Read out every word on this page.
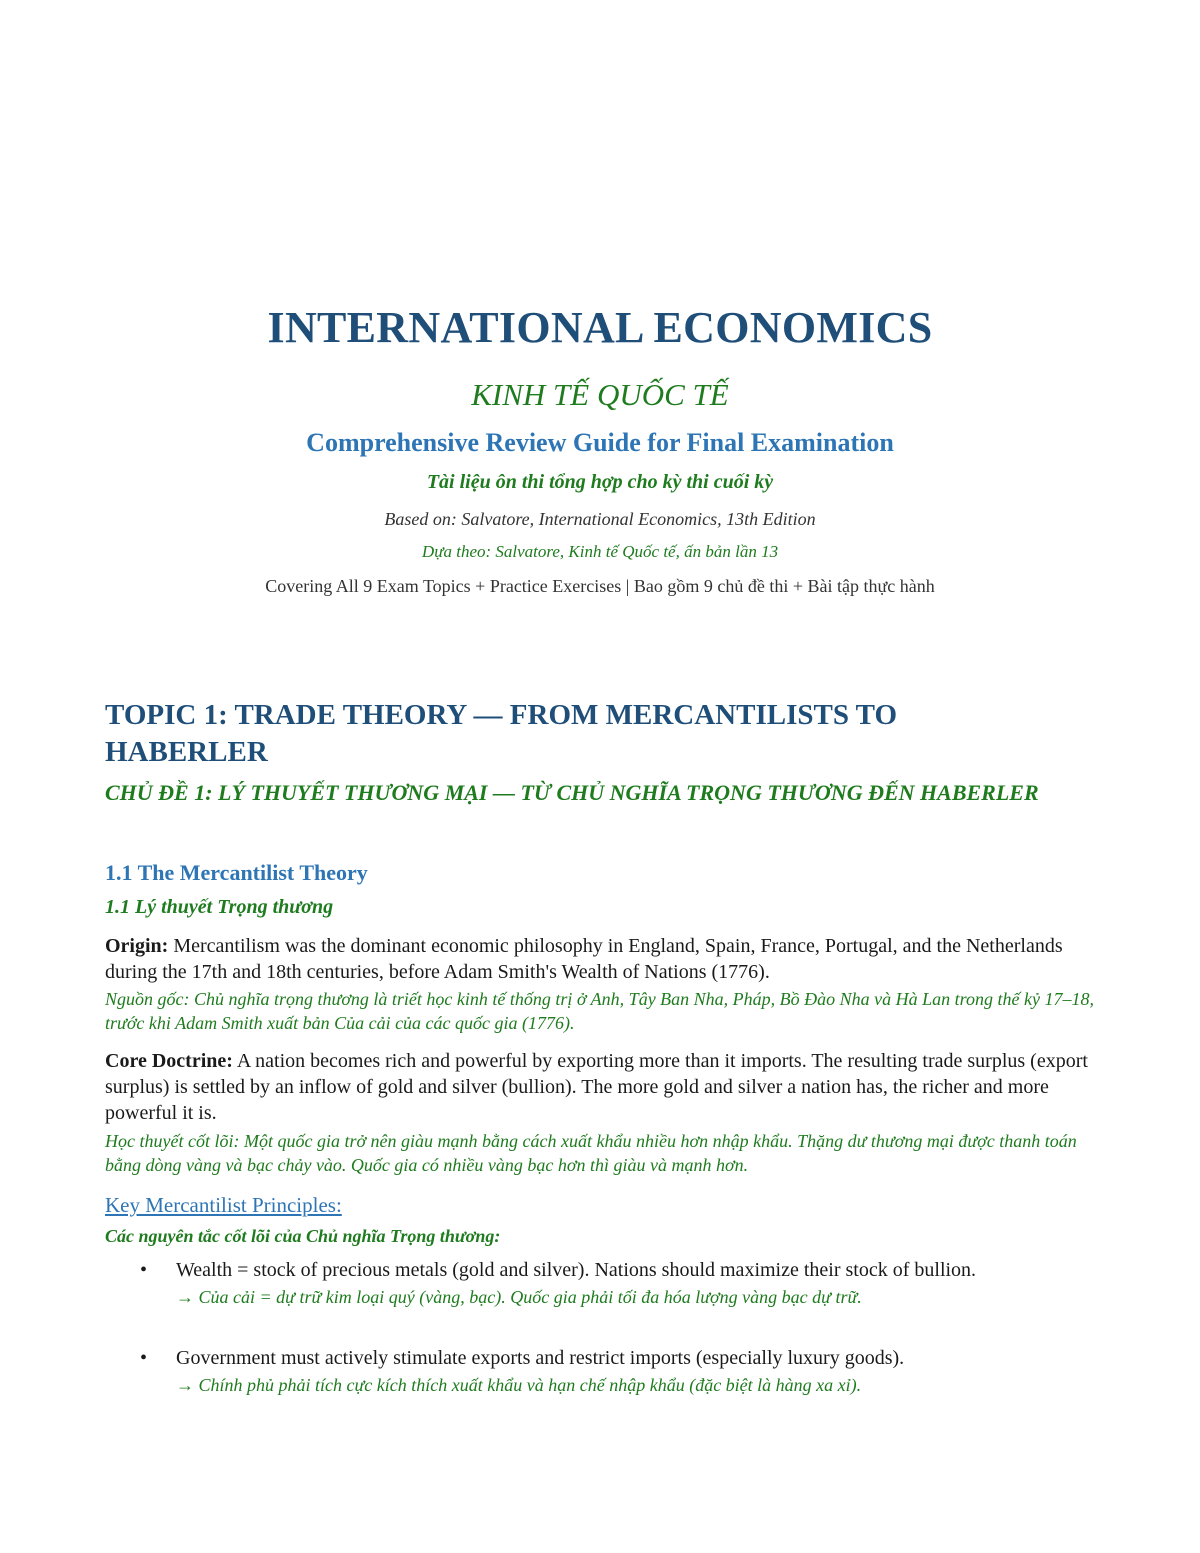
INTERNATIONAL ECONOMICS
KINH TẾ QUỐC TẾ
Comprehensive Review Guide for Final Examination
Tài liệu ôn thi tổng hợp cho kỳ thi cuối kỳ
Based on: Salvatore, International Economics, 13th Edition
Dựa theo: Salvatore, Kinh tế Quốc tế, ấn bản lần 13
Covering All 9 Exam Topics + Practice Exercises | Bao gồm 9 chủ đề thi + Bài tập thực hành
TOPIC 1: TRADE THEORY — FROM MERCANTILISTS TO HABERLER
CHỦ ĐỀ 1: LÝ THUYẾT THƯƠNG MẠI — TỪ CHỦ NGHĨA TRỌNG THƯƠNG ĐẾN HABERLER
1.1 The Mercantilist Theory
1.1 Lý thuyết Trọng thương
Origin: Mercantilism was the dominant economic philosophy in England, Spain, France, Portugal, and the Netherlands during the 17th and 18th centuries, before Adam Smith's Wealth of Nations (1776).
Nguồn gốc: Chủ nghĩa trọng thương là triết học kinh tế thống trị ở Anh, Tây Ban Nha, Pháp, Bồ Đào Nha và Hà Lan trong thế kỷ 17–18, trước khi Adam Smith xuất bản Của cải của các quốc gia (1776).
Core Doctrine: A nation becomes rich and powerful by exporting more than it imports. The resulting trade surplus (export surplus) is settled by an inflow of gold and silver (bullion). The more gold and silver a nation has, the richer and more powerful it is.
Học thuyết cốt lõi: Một quốc gia trở nên giàu mạnh bằng cách xuất khẩu nhiều hơn nhập khẩu. Thặng dư thương mại được thanh toán bằng dòng vàng và bạc chảy vào. Quốc gia có nhiều vàng bạc hơn thì giàu và mạnh hơn.
Key Mercantilist Principles:
Các nguyên tắc cốt lõi của Chủ nghĩa Trọng thương:
• Wealth = stock of precious metals (gold and silver). Nations should maximize their stock of bullion.
→ Của cải = dự trữ kim loại quý (vàng, bạc). Quốc gia phải tối đa hóa lượng vàng bạc dự trữ.
• Government must actively stimulate exports and restrict imports (especially luxury goods).
→ Chính phủ phải tích cực kích thích xuất khẩu và hạn chế nhập khẩu (đặc biệt là hàng xa xỉ).
